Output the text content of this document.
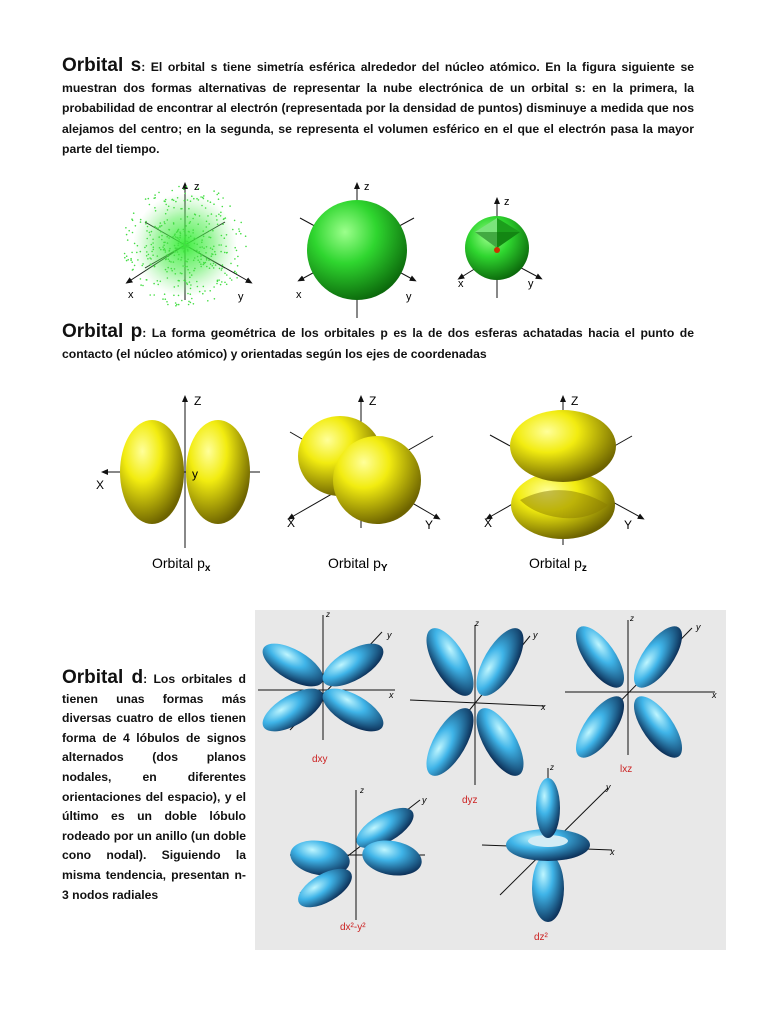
Orbital s: El orbital s tiene simetría esférica alrededor del núcleo atómico. En la figura siguiente se muestran dos formas alternativas de representar la nube electrónica de un orbital s: en la primera, la probabilidad de encontrar al electrón (representada por la densidad de puntos) disminuye a medida que nos alejamos del centro; en la segunda, se representa el volumen esférico en el que el electrón pasa la mayor parte del tiempo.
Orbital p: La forma geométrica de los orbitales p es la de dos esferas achatadas hacia el punto de contacto (el núcleo atómico) y orientadas según los ejes de coordenadas
Orbital d: Los orbitales d tienen unas formas más diversas cuatro de ellos tienen forma de 4 lóbulos de signos alternados (dos planos nodales, en diferentes orientaciones del espacio), y el último es un doble lóbulo rodeado por un anillo (un doble cono nodal). Siguiendo la misma tendencia, presentan n-3 nodos radiales
z
x	y
z
x	y
z
x	y
Z
X
y
Orbital $p_x$
Z
X	Y
Orbital $p_Y$
Z
X	Y
Orbital $p_z$
z
y
x
dxy
z
y
x
dyz
z
y
x
lxz
z
y
dx²-y²
z
y
x
dz²
